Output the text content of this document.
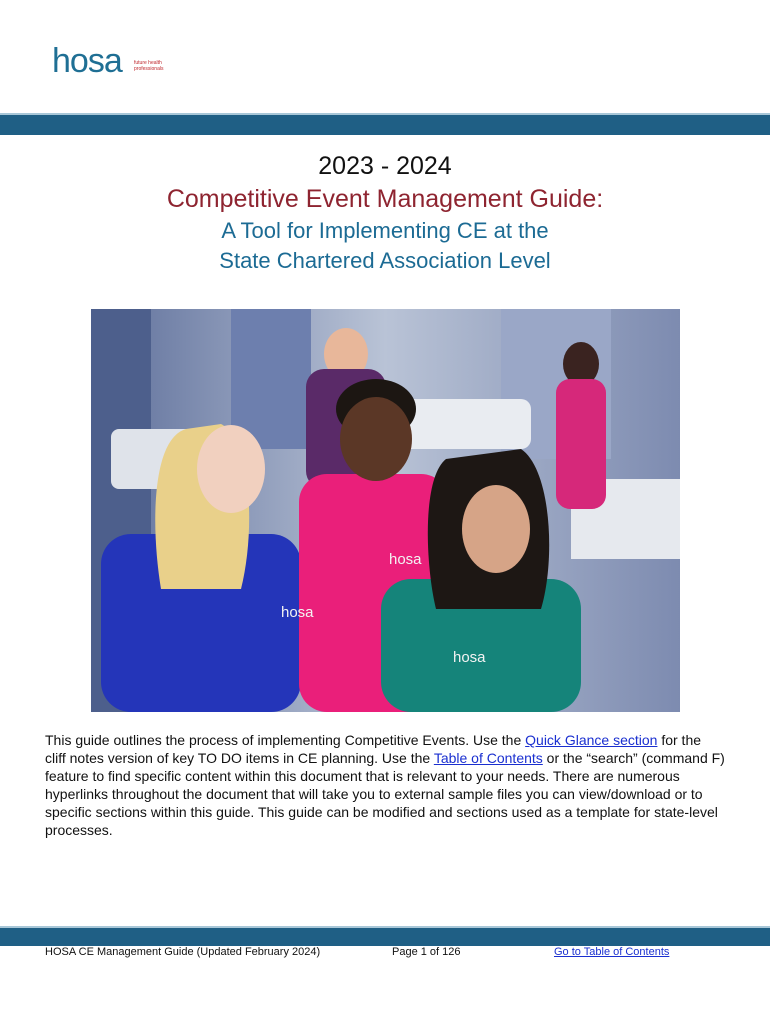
hosa future health professionals
2023 - 2024
Competitive Event Management Guide:
A Tool for Implementing CE at the
State Chartered Association Level
hosa
hosa
hosa
This guide outlines the process of implementing Competitive Events. Use the Quick Glance section for the cliff notes version of key TO DO items in CE planning. Use the Table of Contents or the “search” (command F) feature to find specific content within this document that is relevant to your needs. There are numerous hyperlinks throughout the document that will take you to external sample files you can view/download or to specific sections within this guide. This guide can be modified and sections used as a template for state-level processes.
HOSA CE Management Guide (Updated February 2024)	Page 1 of 126	Go to Table of Contents
